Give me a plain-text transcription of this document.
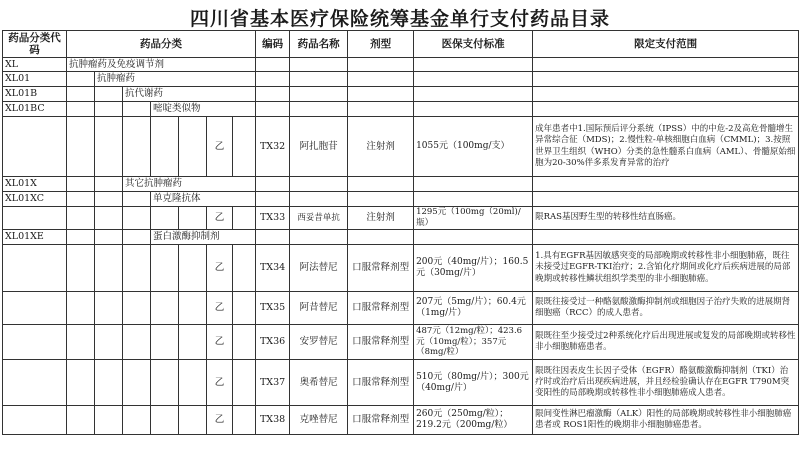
四川省基本医疗保险统筹基金单行支付药品目录
药品分类代码	药品分类							编码	药品名称	剂型	医保支付标准	限定支付范围
XL	抗肿瘤药及免疫调节剂											
XL01		抗肿瘤药										
XL01B			抗代谢药									
XL01BC				嘧啶类似物								
						乙		TX32	阿扎胞苷	注射剂	1055元（100mg/支）	成年患者中1.国际预后评分系统（IPSS）中的中危-2及高危骨髓增生异常综合征（MDS)；2.慢性粒-单核细胞白血病（CMML)；3.按照世界卫生组织（WHO）分类的急性髓系白血病（AML）、骨髓原始细胞为20-30%伴多系发育异常的治疗
XL01X			其它抗肿瘤药									
XL01XC				单克隆抗体								
						乙		TX33	西妥昔单抗	注射剂	1295元（100mg（20ml)/瓶）	限RAS基因野生型的转移性结直肠癌。
XL01XE				蛋白激酶抑制剂								
						乙		TX34	阿法替尼	口服常释剂型	200元（40mg/片）；160.5元（30mg/片）	1.具有EGFR基因敏感突变的局部晚期或转移性非小细胞肺癌，既往未接受过EGFR-TKI治疗；2.含铂化疗期间或化疗后疾病进展的局部晚期或转移性鳞状组织学类型的非小细胞肺癌。
						乙		TX35	阿昔替尼	口服常释剂型	207元（5mg/片）；60.4元（1mg/片）	限既往接受过一种酪氨酸激酶抑制剂或细胞因子治疗失败的进展期肾细胞癌（RCC）的成人患者。
						乙		TX36	安罗替尼	口服常释剂型	487元（12mg/粒）；423.6元（10mg/粒）；357元（8mg/粒）	限既往至少接受过2种系统化疗后出现进展或复发的局部晚期或转移性非小细胞肺癌患者。
						乙		TX37	奥希替尼	口服常释剂型	510元（80mg/片）；300元（40mg/片）	限既往因表皮生长因子受体（EGFR）酪氨酸激酶抑制剂（TKI）治疗时或治疗后出现疾病进展，并且经检验确认存在EGFR T790M突变阳性的局部晚期或转移性非小细胞肺癌成人患者。
						乙		TX38	克唑替尼	口服常释剂型	260元（250mg/粒）；219.2元（200mg/粒）	限间变性淋巴瘤激酶（ALK）阳性的局部晚期或转移性非小细胞肺癌患者或 ROS1阳性的晚期非小细胞肺癌患者。
